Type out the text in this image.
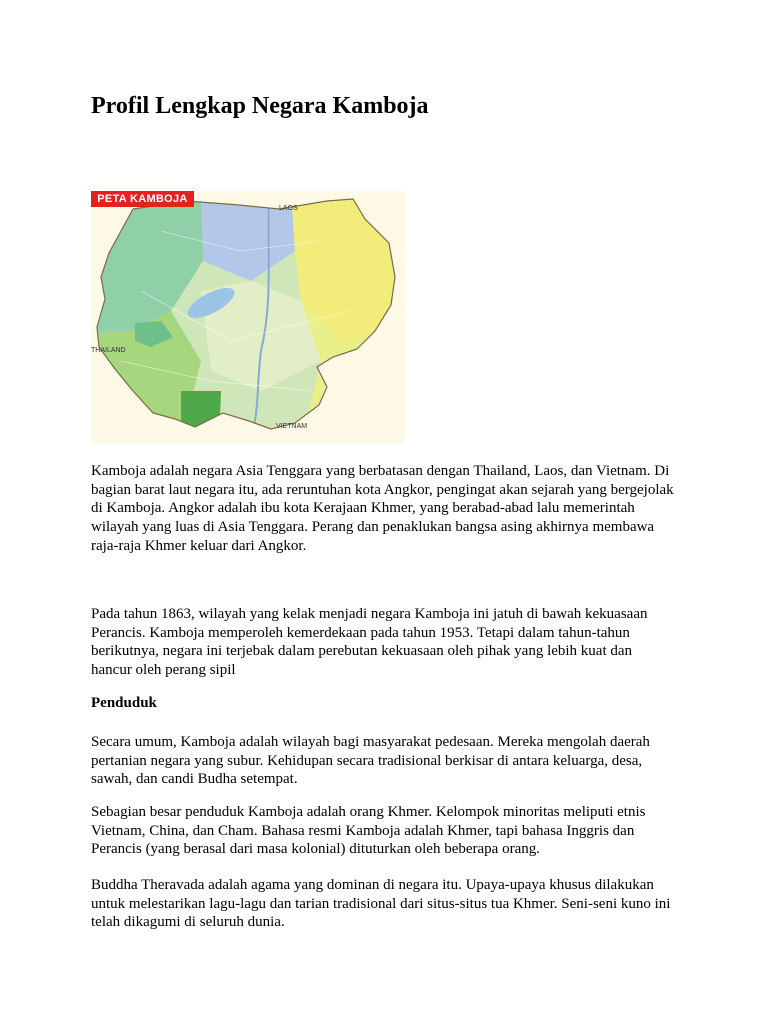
Profil Lengkap Negara Kamboja
PETA KAMBOJA
LAOS
THAILAND
VIETNAM

Kamboja adalah negara Asia Tenggara yang berbatasan dengan Thailand, Laos, dan Vietnam. Di
bagian barat laut negara itu, ada reruntuhan kota Angkor, pengingat akan sejarah yang bergejolak
di Kamboja. Angkor adalah ibu kota Kerajaan Khmer, yang berabad-abad lalu memerintah
wilayah yang luas di Asia Tenggara. Perang dan penaklukan bangsa asing akhirnya membawa
raja-raja Khmer keluar dari Angkor.

Pada tahun 1863, wilayah yang kelak menjadi negara Kamboja ini jatuh di bawah kekuasaan
Perancis. Kamboja memperoleh kemerdekaan pada tahun 1953. Tetapi dalam tahun-tahun
berikutnya, negara ini terjebak dalam perebutan kekuasaan oleh pihak yang lebih kuat dan
hancur oleh perang sipil

Penduduk

Secara umum, Kamboja adalah wilayah bagi masyarakat pedesaan. Mereka mengolah daerah
pertanian negara yang subur. Kehidupan secara tradisional berkisar di antara keluarga, desa,
sawah, dan candi Budha setempat.

Sebagian besar penduduk Kamboja adalah orang Khmer. Kelompok minoritas meliputi etnis
Vietnam, China, dan Cham. Bahasa resmi Kamboja adalah Khmer, tapi bahasa Inggris dan
Perancis (yang berasal dari masa kolonial) dituturkan oleh beberapa orang.

Buddha Theravada adalah agama yang dominan di negara itu. Upaya-upaya khusus dilakukan
untuk melestarikan lagu-lagu dan tarian tradisional dari situs-situs tua Khmer. Seni-seni kuno ini
telah dikagumi di seluruh dunia.
